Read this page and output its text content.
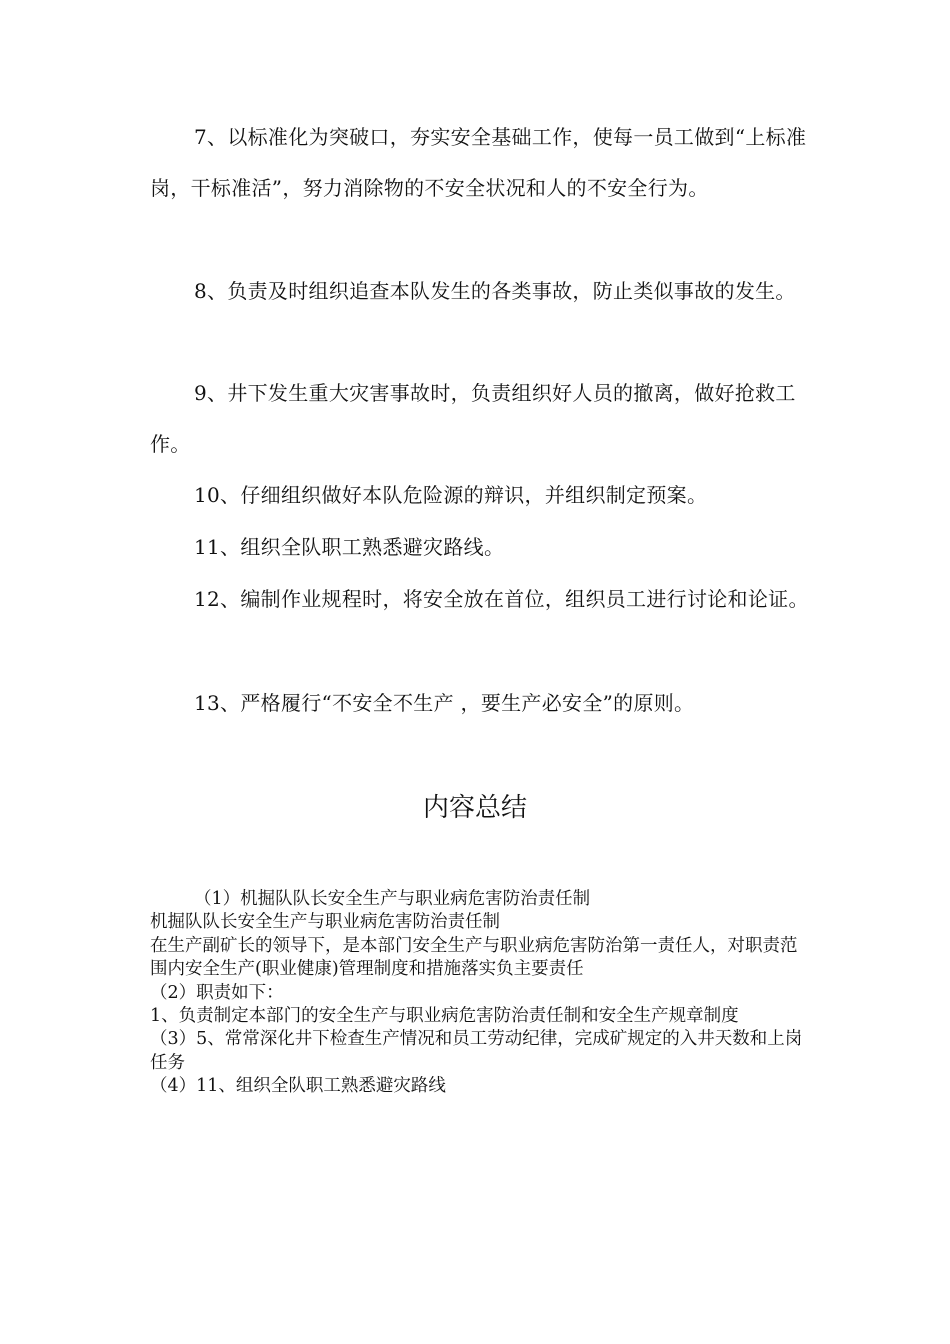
7、以标准化为突破口，夯实安全基础工作，使每一员工做到“上标准岗，干标准活”，努力消除物的不安全状况和人的不安全行为。

8、负责及时组织追查本队发生的各类事故，防止类似事故的发生。

9、井下发生重大灾害事故时，负责组织好人员的撤离，做好抢救工作。

10、仔细组织做好本队危险源的辩识，并组织制定预案。

11、组织全队职工熟悉避灾路线。

12、编制作业规程时，将安全放在首位，组织员工进行讨论和论证。

13、严格履行“不安全不生产 ，要生产必安全”的原则。

内容总结

（1）机掘队队长安全生产与职业病危害防治责任制

机掘队队长安全生产与职业病危害防治责任制

在生产副矿长的领导下，是本部门安全生产与职业病危害防治第一责任人，对职责范围内安全生产(职业健康)管理制度和措施落实负主要责任

（2）职责如下：

1、负责制定本部门的安全生产与职业病危害防治责任制和安全生产规章制度

（3）5、常常深化井下检查生产情况和员工劳动纪律，完成矿规定的入井天数和上岗任务

（4）11、组织全队职工熟悉避灾路线
